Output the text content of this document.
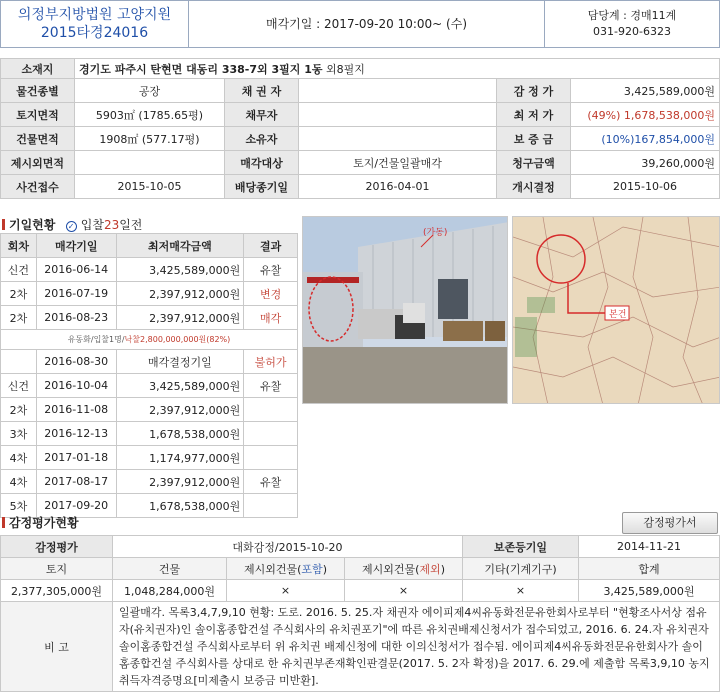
의정부지방법원 고양지원
2015타경24016
매각기일 : 2017-09-20 10:00~ (수)
담당계 : 경매11계
031-920-6323
소재지	경기도 파주시 탄현면 대동리 338-7외 3필지 1동 외8필지				
물건종별	공장	채 권 자		감 정 가	3,425,589,000원
토지면적	5903㎡ (1785.65평)	채무자		최 저 가	(49%) 1,678,538,000원
건물면적	1908㎡ (577.17평)	소유자		보 증 금	(10%)167,854,000원
제시외면적		매각대상	토지/건물일괄매각	청구금액	39,260,000원
사건접수	2015-10-05	배당종기일	2016-04-01	개시결정	2015-10-06
기일현황 ✓ 입찰23일전
회차	매각기일	최저매각금액	결과
신건	2016-06-14	3,425,589,000원	유찰
2차	2016-07-19	2,397,912,000원	변경
2차	2016-08-23	2,397,912,000원	매각
유동화/입찰1명/낙찰2,800,000,000원(82%)			
	2016-08-30	매각결정기일	불허가
신건	2016-10-04	3,425,589,000원	유찰
2차	2016-11-08	2,397,912,000원	
3차	2016-12-13	1,678,538,000원	
4차	2017-01-18	1,174,977,000원	
4차	2017-08-17	2,397,912,000원	유찰
5차	2017-09-20	1,678,538,000원	
(가동)
본건
감정평가현황	감정평가서
감정평가	대화감정/2015-10-20			보존등기일	2014-11-21
토지	건물	제시외건물(포함)	제시외건물(제외)	기타(기계기구)	합계
2,377,305,000원	1,048,284,000원	×	×	×	3,425,589,000원
비 고	일괄매각. 목록3,4,7,9,10 현황: 도로. 2016. 5. 25.자 채권자 에이피제4씨유동화전문유한회사로부터 "현황조사서상 점유자(유치권자)인 솔이홈종합건설 주식회사의 유치권포기"에 따른 유치권배제신청서가 접수되었고, 2016. 6. 24.자 유치권자 솔이홈종합건설 주식회사로부터 위 유치권 배제신청에 대한 이의신청서가 접수됨. 에이피제4씨유동화전문유한회사가 솔이홈종합건설 주식회사를 상대로 한 유치권부존재확인판결문(2017. 5. 2자 확정)을 2017. 6. 29.에 제출함 목록3,9,10 농지취득자격증명요[미제출시 보증금 미반환].				
